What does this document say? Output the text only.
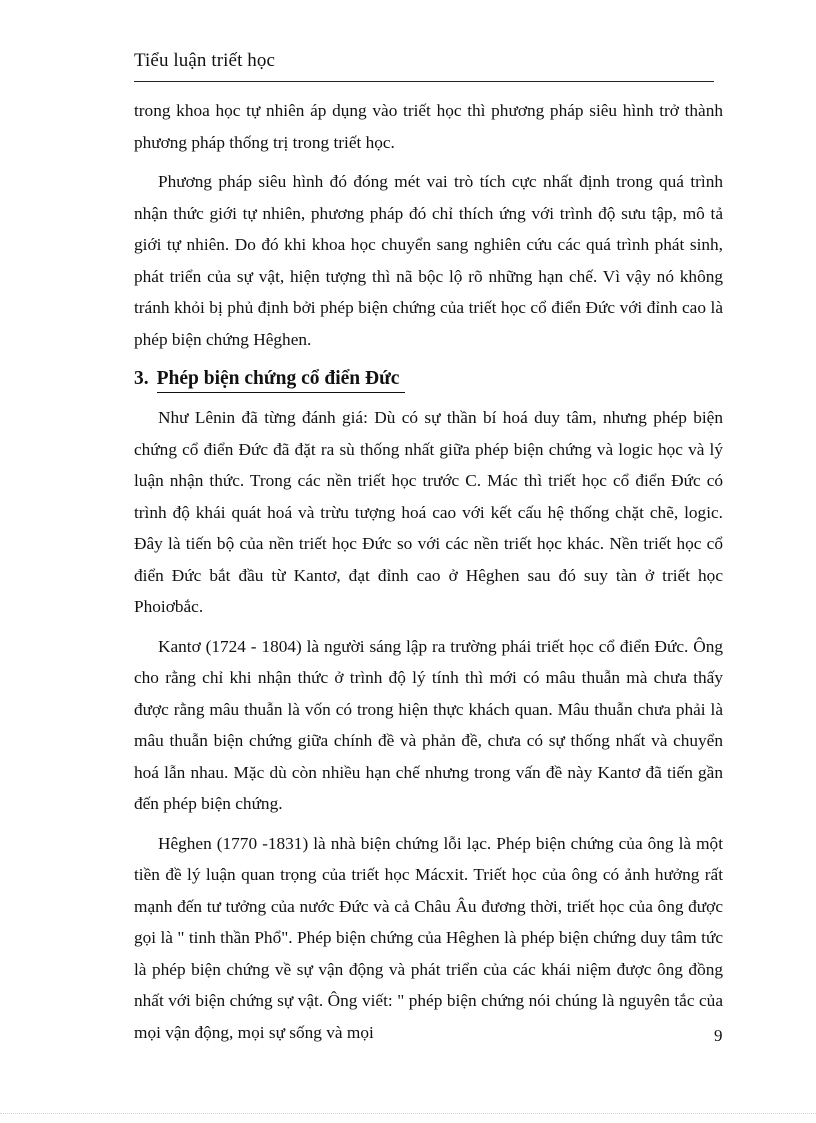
Tiểu luận triết học

trong khoa học tự nhiên áp dụng vào triết học thì phương pháp siêu hình trở thành phương pháp thống trị trong triết học.

Phương pháp siêu hình đó đóng mét vai trò tích cực nhất định trong quá trình nhận thức giới tự nhiên, phương pháp đó chỉ thích ứng với trình độ sưu tập, mô tả giới tự nhiên. Do đó khi khoa học chuyển sang nghiên cứu các quá trình phát sinh, phát triển của sự vật, hiện tượng thì nã bộc lộ rõ những hạn chế. Vì vậy nó không tránh khỏi bị phủ định bởi phép biện chứng của triết học cổ điển Đức với đỉnh cao là phép biện chứng Hêghen.

3. Phép biện chứng cổ điển Đức

Như Lênin đã từng đánh giá: Dù có sự thần bí hoá duy tâm, nhưng phép biện chứng cổ điển Đức đã đặt ra sù thống nhất giữa phép biện chứng và logic học và lý luận nhận thức. Trong các nền triết học trước C. Mác thì triết học cổ điển Đức có trình độ khái quát hoá và trừu tượng hoá cao với kết cấu hệ thống chặt chẽ, logic. Đây là tiến bộ của nền triết học Đức so với các nền triết học khác. Nền triết học cổ điển Đức bắt đầu từ Kantơ, đạt đỉnh cao ở Hêghen sau đó suy tàn ở triết học Phoiơbắc.

Kantơ (1724 - 1804) là người sáng lập ra trường phái triết học cổ điển Đức. Ông cho rằng chỉ khi nhận thức ở trình độ lý tính thì mới có mâu thuẫn mà chưa thấy được rằng mâu thuẫn là vốn có trong hiện thực khách quan. Mâu thuẫn chưa phải là mâu thuẫn biện chứng giữa chính đề và phản đề, chưa có sự thống nhất và chuyển hoá lẫn nhau. Mặc dù còn nhiều hạn chế nhưng trong vấn đề này Kantơ đã tiến gần đến phép biện chứng.

Hêghen (1770 -1831) là nhà biện chứng lỗi lạc. Phép biện chứng của ông là một tiền đề lý luận quan trọng của triết học Mácxit. Triết học của ông có ảnh hưởng rất mạnh đến tư tưởng của nước Đức và cả Châu Âu đương thời, triết học của ông được gọi là " tinh thần Phổ". Phép biện chứng của Hêghen là phép biện chứng duy tâm tức là phép biện chứng về sự vận động và phát triển của các khái niệm được ông đồng nhất với biện chứng sự vật. Ông viết: " phép biện chứng nói chúng là nguyên tắc của mọi vận động, mọi sự sống và mọi	9
